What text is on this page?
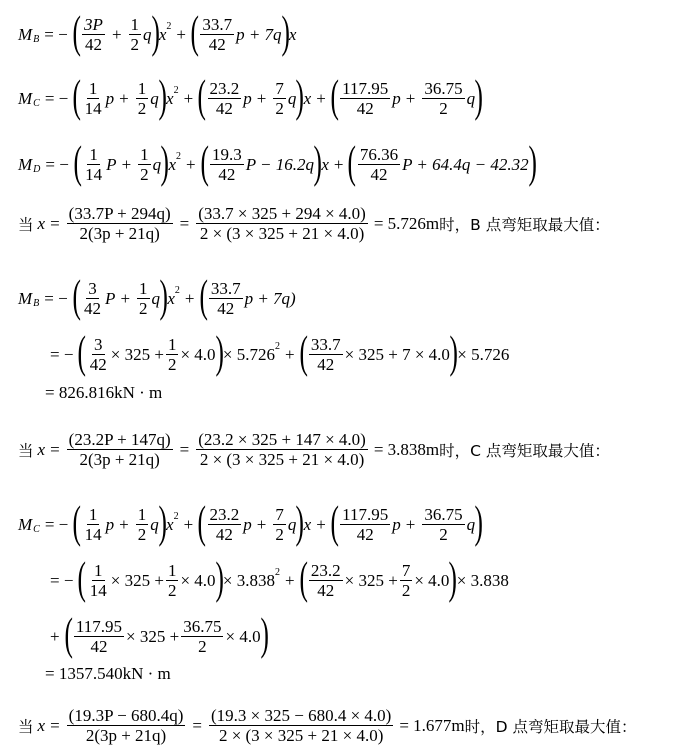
M B = − ( 3P
42
+ $\frac{1}{2}$ q ) x 2 + ( 33.7
42
p + 7q ) x
M C = − ( 1
14
$p + \frac{1}{2}$ q ) x 2 + ( 23.2
42
$p + \frac{7}{2}$ q ) x + ( 117.95
42
$p + \frac{36.75}{2}$ q )
M D = − ( 1
14
$P + \frac{1}{2}$ q ) x 2 + ( 19.3
42
P − 16.2q ) x + ( 76.36
42
P + 64.4q − 42.32 )
当 $x = \frac{(33.7P + 294q)}{2(3p + 21q)} = \frac{(33.7 \times 325 + 294 \times 4.0)}{2 \times (3 \times 325 + 21 \times 4.0)} = 5.726m$ 时，B 点弯矩取最大值：
M B = − ( 3
42
$P + \frac{1}{2}$ q ) x 2 + ( 33.7
42
p + 7q)
= − ( $\frac{3}{42} \times 325 + \frac{1}{2} \times 4.0$ ) × 5.726 2 + ( $\frac{33.7}{42} \times 325 + 7 \times 4.0$ ) × 5.726
= 826.816kN · m
当 $x = \frac{(23.2P + 147q)}{2(3p + 21q)} = \frac{(23.2 \times 325 + 147 \times 4.0)}{2 \times (3 \times 325 + 21 \times 4.0)} = 3.838m$ 时，C 点弯矩取最大值：
M C = − ( 1
14
$p + \frac{1}{2}$ q ) x 2 + ( 23.2
42
$p + \frac{7}{2}$ q ) x + ( 117.95
42
$p + \frac{36.75}{2}$ q )
= − ( $\frac{1}{14} \times 325 + \frac{1}{2} \times 4.0$ ) × 3.838 2 + ( $\frac{23.2}{42} \times 325 + \frac{7}{2} \times 4.0$ ) × 3.838
+ ( $\frac{117.95}{42} \times 325 + \frac{36.75}{2} \times 4.0$ )
= 1357.540kN · m
当 $x = \frac{(19.3P - 680.4q)}{2(3p + 21q)} = \frac{(19.3 \times 325 - 680.4 \times 4.0)}{2 \times (3 \times 325 + 21 \times 4.0)} = 1.677m$ 时，D 点弯矩取最大值：
